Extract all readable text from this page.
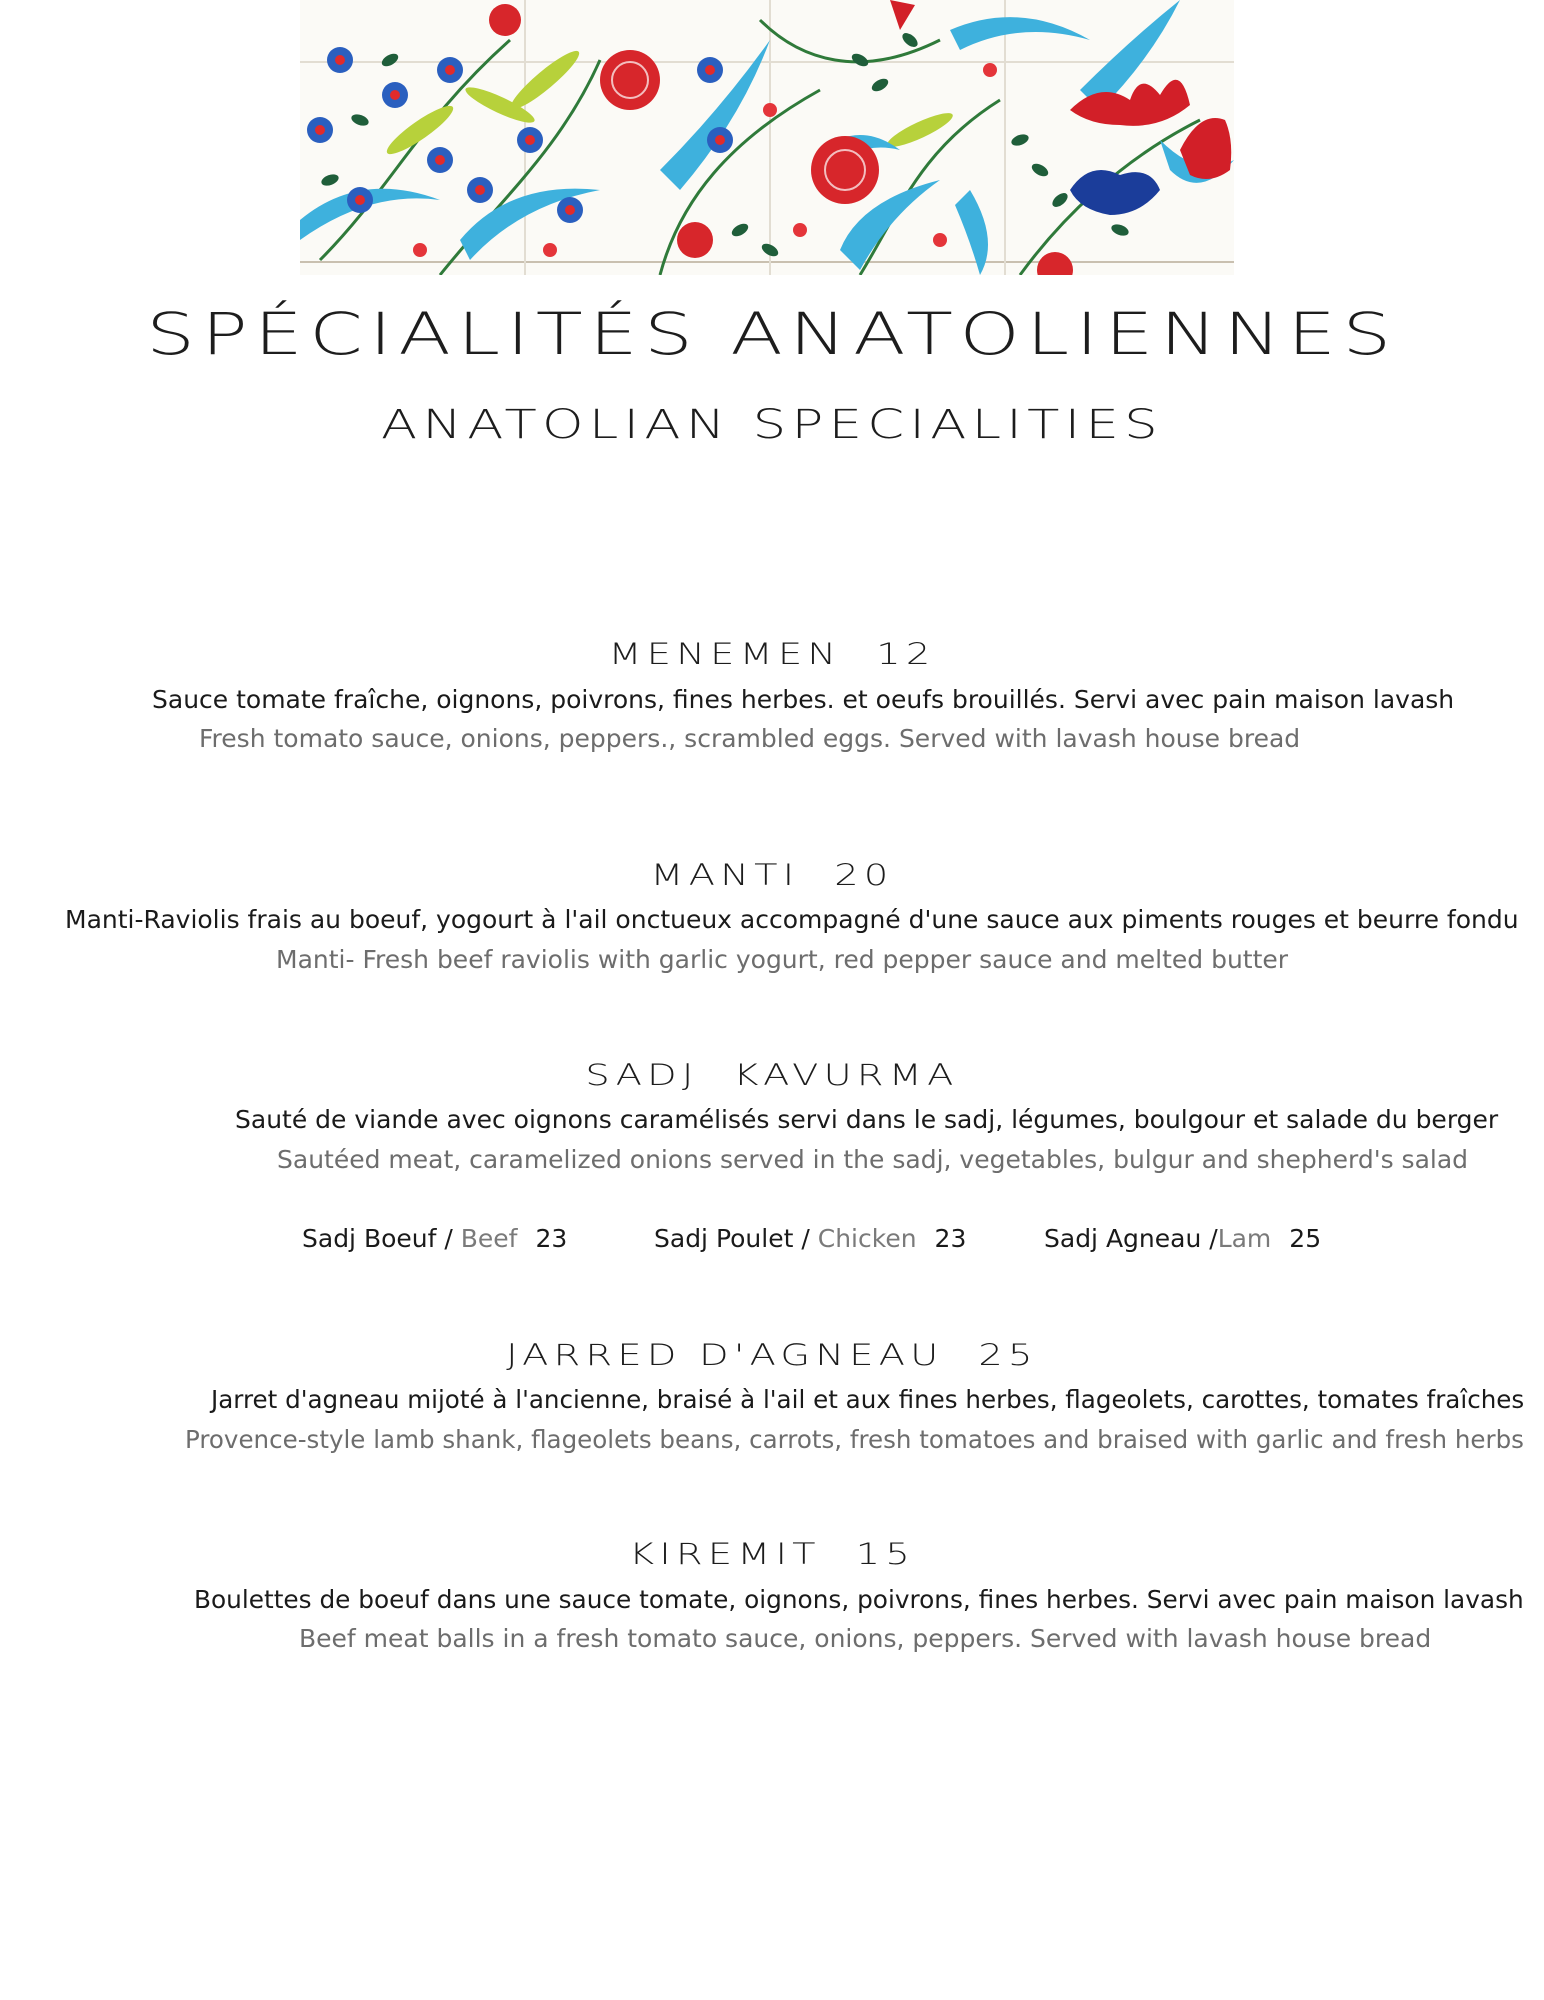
SPÉCIALITÉS ANATOLIENNES
ANATOLIAN SPECIALITIES
MENEMEN  12
Sauce tomate fraîche, oignons, poivrons, fines herbes. et oeufs brouillés. Servi avec pain maison lavash
Fresh tomato sauce, onions, peppers., scrambled eggs. Served with lavash house bread
MANTI  20
Manti-Raviolis frais au boeuf, yogourt à l'ail onctueux accompagné d'une sauce aux piments rouges et beurre fondu
Manti- Fresh beef raviolis with garlic yogurt, red pepper sauce and melted butter
SADJ  KAVURMA
Sauté de viande avec oignons caramélisés servi dans le sadj, légumes, boulgour et salade du berger
Sautéed meat, caramelized onions served in the sadj, vegetables, bulgur and shepherd's salad
Sadj Boeuf / Beef 23	Sadj Poulet / Chicken 23	Sadj Agneau /Lam 25
JARRED D'AGNEAU  25
Jarret d'agneau mijoté à l'ancienne, braisé à l'ail et aux fines herbes, flageolets, carottes, tomates fraîches
Provence-style lamb shank, flageolets beans, carrots, fresh tomatoes and braised with garlic and fresh herbs
KIREMIT  15
Boulettes de boeuf dans une sauce tomate, oignons, poivrons, fines herbes. Servi avec pain maison lavash
Beef meat balls in a fresh tomato sauce, onions, peppers. Served with lavash house bread
